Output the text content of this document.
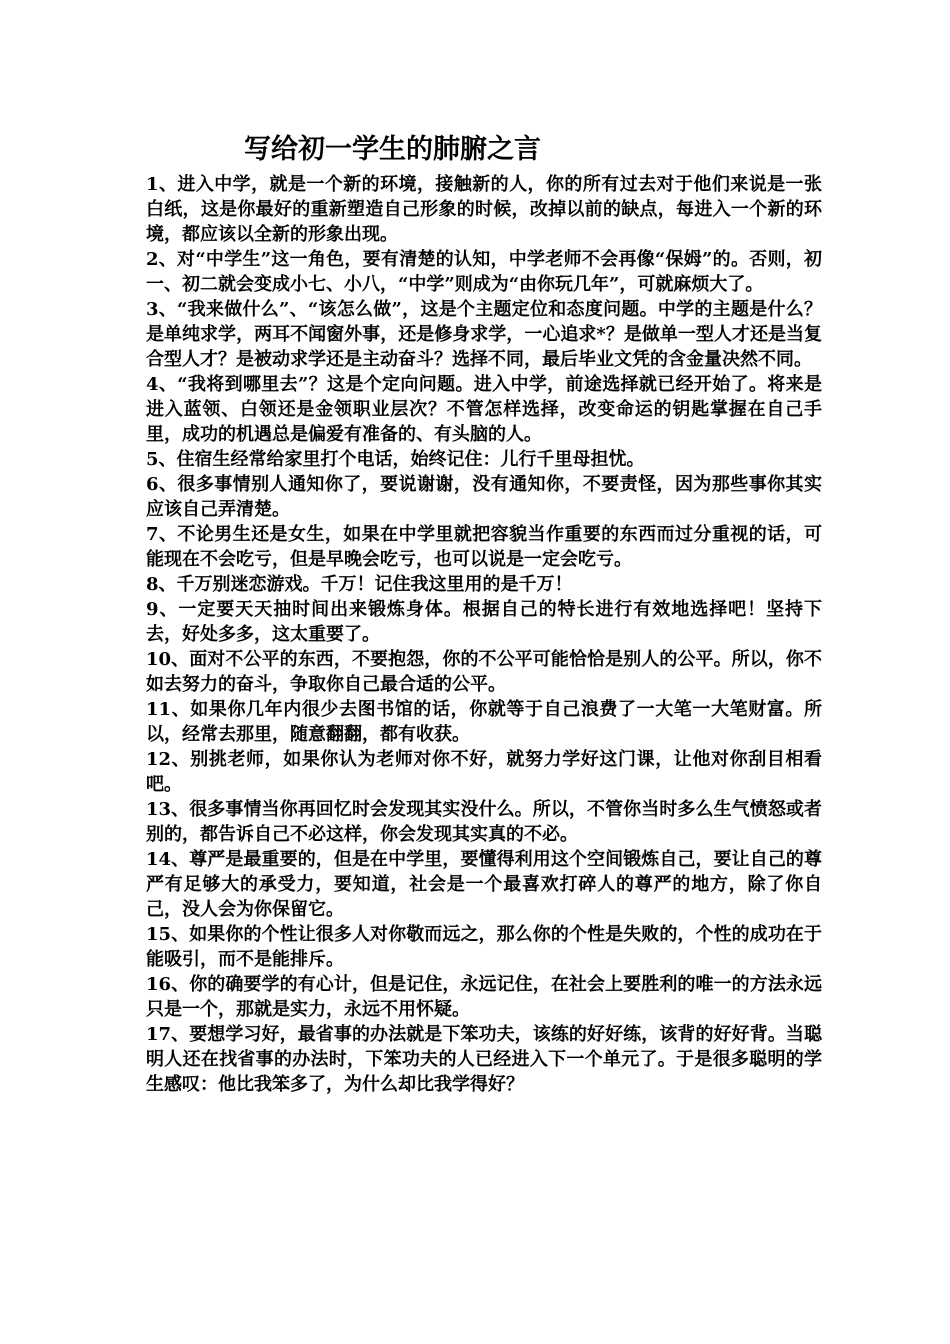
写给初一学生的肺腑之言

1、进入中学，就是一个新的环境，接触新的人，你的所有过去对于他们来说是一张白纸，这是你最好的重新塑造自己形象的时候，改掉以前的缺点，每进入一个新的环境，都应该以全新的形象出现。

2、对“中学生”这一角色，要有清楚的认知，中学老师不会再像“保姆”的。否则，初一、初二就会变成小七、小八，“中学”则成为“由你玩几年”，可就麻烦大了。

3、“我来做什么”、“该怎么做”，这是个主题定位和态度问题。中学的主题是什么？是单纯求学，两耳不闻窗外事，还是修身求学，一心追求*？是做单一型人才还是当复合型人才？是被动求学还是主动奋斗？选择不同，最后毕业文凭的含金量决然不同。

4、“我将到哪里去”？这是个定向问题。进入中学，前途选择就已经开始了。将来是进入蓝领、白领还是金领职业层次？不管怎样选择，改变命运的钥匙掌握在自己手里，成功的机遇总是偏爱有准备的、有头脑的人。

5、住宿生经常给家里打个电话，始终记住：儿行千里母担忧。

6、很多事情别人通知你了，要说谢谢，没有通知你，不要责怪，因为那些事你其实应该自己弄清楚。

7、不论男生还是女生，如果在中学里就把容貌当作重要的东西而过分重视的话，可能现在不会吃亏，但是早晚会吃亏，也可以说是一定会吃亏。

8、千万别迷恋游戏。千万！记住我这里用的是千万！

9、一定要天天抽时间出来锻炼身体。根据自己的特长进行有效地选择吧！坚持下去，好处多多，这太重要了。

10、面对不公平的东西，不要抱怨，你的不公平可能恰恰是别人的公平。所以，你不如去努力的奋斗，争取你自己最合适的公平。

11、如果你几年内很少去图书馆的话，你就等于自己浪费了一大笔一大笔财富。所以，经常去那里，随意翻翻，都有收获。

12、别挑老师，如果你认为老师对你不好，就努力学好这门课，让他对你刮目相看吧。

13、很多事情当你再回忆时会发现其实没什么。所以，不管你当时多么生气愤怒或者别的，都告诉自己不必这样，你会发现其实真的不必。

14、尊严是最重要的，但是在中学里，要懂得利用这个空间锻炼自己，要让自己的尊严有足够大的承受力，要知道，社会是一个最喜欢打碎人的尊严的地方，除了你自己，没人会为你保留它。

15、如果你的个性让很多人对你敬而远之，那么你的个性是失败的，个性的成功在于能吸引，而不是能排斥。

16、你的确要学的有心计，但是记住，永远记住，在社会上要胜利的唯一的方法永远只是一个，那就是实力，永远不用怀疑。

17、要想学习好，最省事的办法就是下笨功夫，该练的好好练，该背的好好背。当聪明人还在找省事的办法时，下笨功夫的人已经进入下一个单元了。于是很多聪明的学生感叹：他比我笨多了，为什么却比我学得好？
